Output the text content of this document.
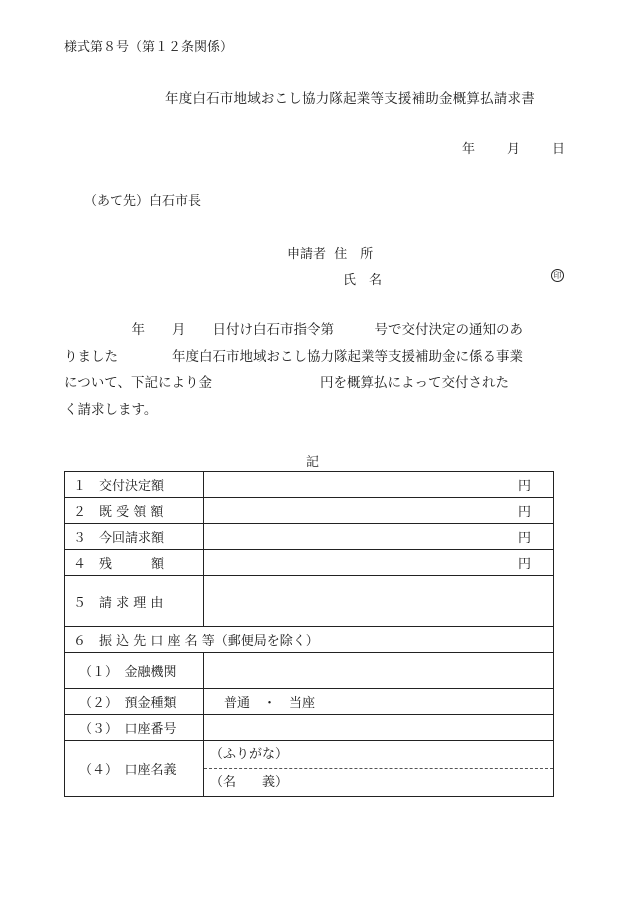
様式第８号（第１２条関係）
年度白石市地域おこし協力隊起業等支援補助金概算払請求書
年 月 日
（あて先）白石市長
申請者 住　所
氏　名	印
　　　　　年　　月　　日付け白石市指令第　　　号で交付決定の通知のあ
りました　　　　年度白石市地域おこし協力隊起業等支援補助金に係る事業
について、下記により金　　　　　　　　円を概算払によって交付された
く請求します。
記
１　交付決定額	円
２　既 受 領 額	円
３　今回請求額	円
４　残　　　額	円
５　請 求 理 由	
６　振 込 先 口 座 名 等（郵便局を除く）	
（１）　金融機関	
（２）　預金種類	普通　・　当座
（３）　口座番号	
（４）　口座名義	（ふりがな）
（名　　義）
